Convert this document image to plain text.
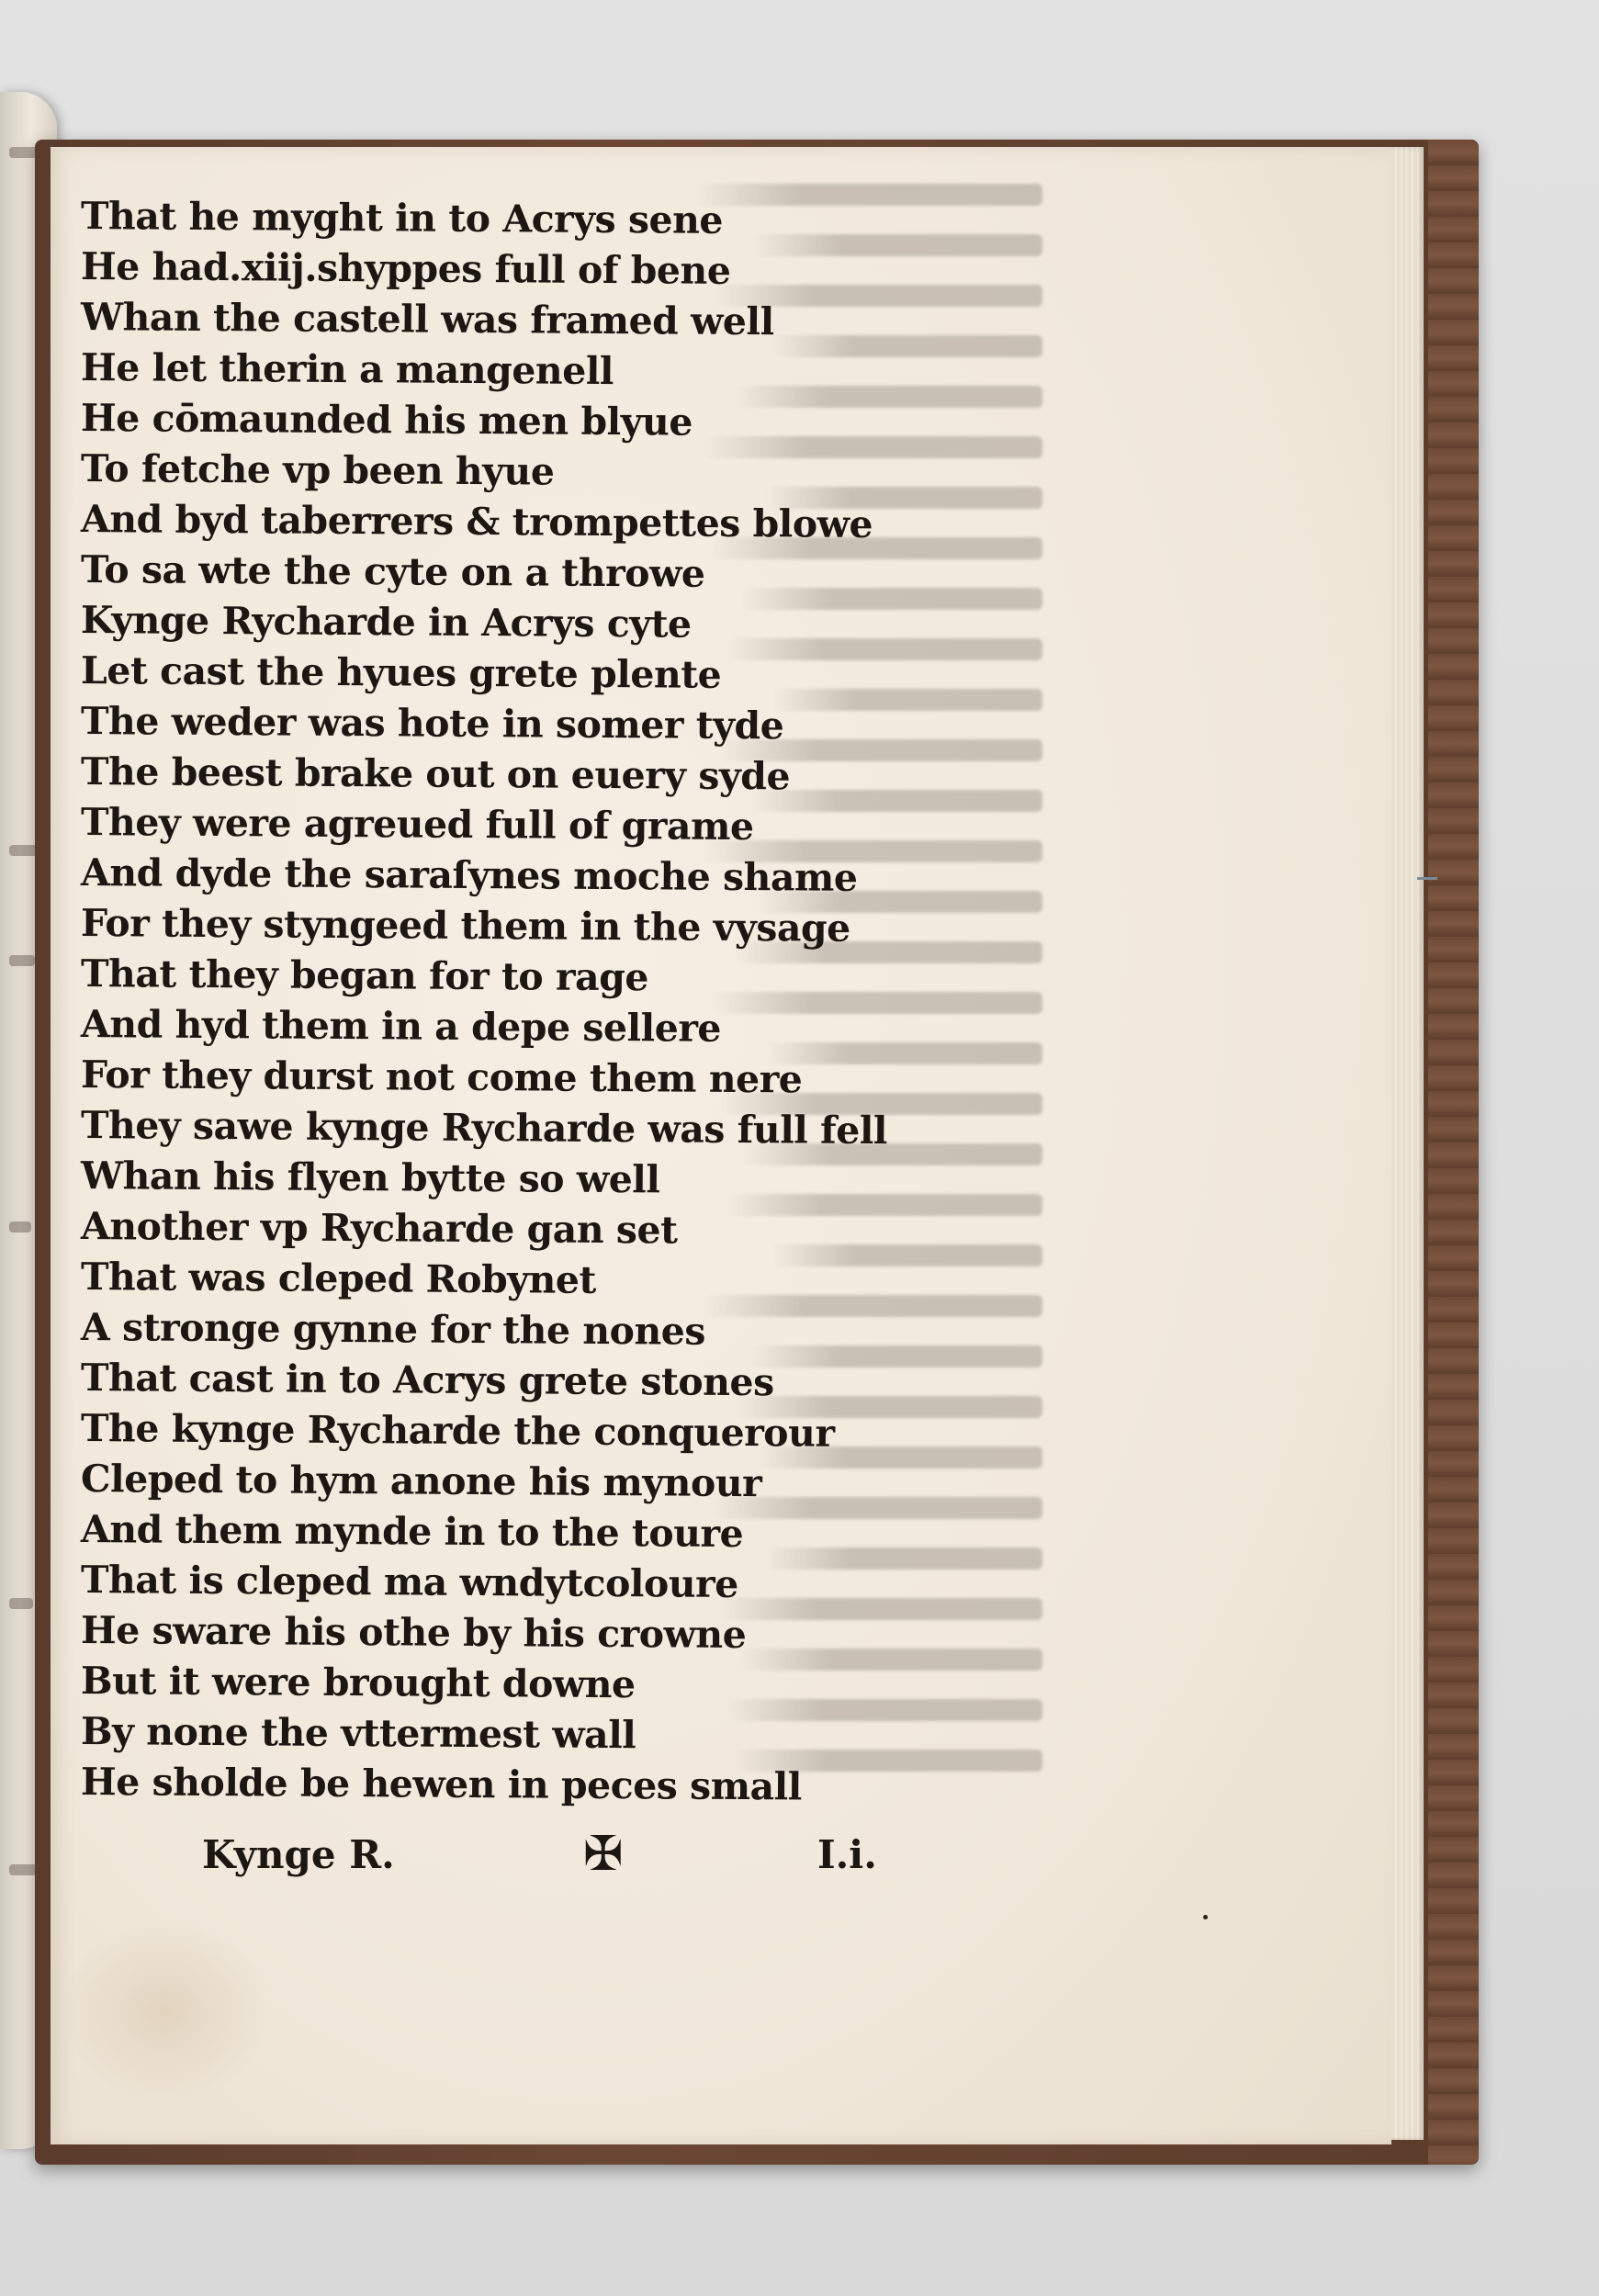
That he myght in to Acrys sene
He had.xiij.shyppes full of bene
Whan the castell was framed well
He let therin a mangenell
He cōmaunded his men blyue
To fetche vp been hyue
And byd taberrers & trompettes blowe
To sa wte the cyte on a throwe
Kynge Rycharde in Acrys cyte
Let cast the hyues grete plente
The weder was hote in somer tyde
The beest brake out on euery syde
They were agreued full of grame
And dyde the saraſynes moche shame
For they styngeed them in the vysage
That they began for to rage
And hyd them in a depe sellere
For they durst not come them nere
They sawe kynge Rycharde was full fell
Whan his flyen bytte so well
Another vp Rycharde gan set
That was cleped Robynet
A stronge gynne for the nones
That cast in to Acrys grete stones
The kynge Rycharde the conquerour
Cleped to hym anone his mynour
And them mynde in to the toure
That is cleped ma wndytcoloure
He sware his othe by his crowne
But it were brought downe
By none the vttermest wall
He sholde be hewen in peces small
Kynge R.	✠	I.i.
